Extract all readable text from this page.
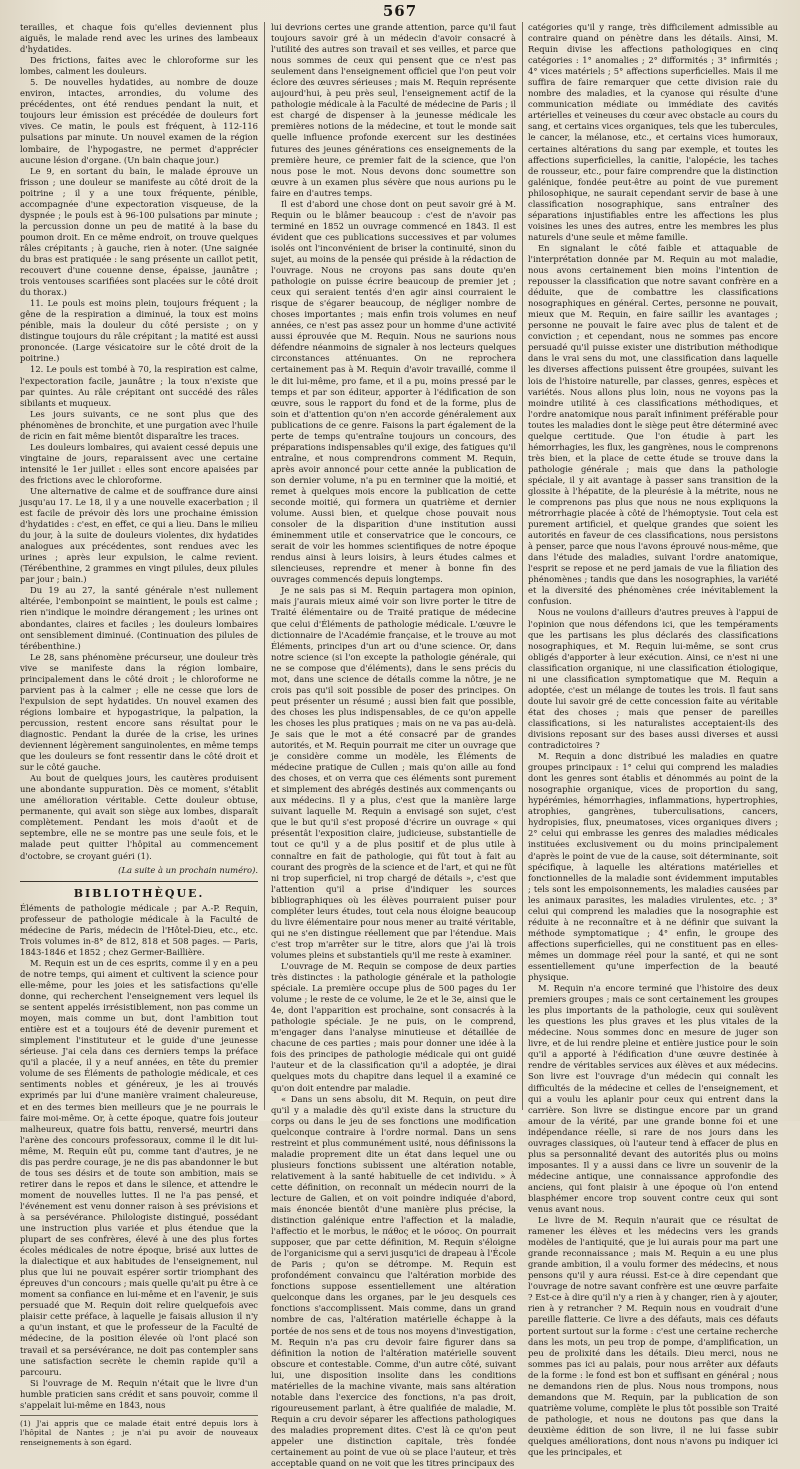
567

terailles, et chaque fois qu'elles deviennent plus aiguës, le malade rend avec les urines des lambeaux d'hydatides.

Des frictions, faites avec le chloroforme sur les lombes, calment les douleurs.

5. De nouvelles hydatides, au nombre de douze environ, intactes, arrondies, du volume des précédentes, ont été rendues pendant la nuit, et toujours leur émission est précédée de douleurs fort vives. Ce matin, le pouls est fréquent, à 112-116 pulsations par minute. Un nouvel examen de la région lombaire, de l'hypogastre, ne permet d'apprécier aucune lésion d'organe. (Un bain chaque jour.)

Le 9, en sortant du bain, le malade éprouve un frisson ; une douleur se manifeste au côté droit de la poitrine ; il y a une toux fréquente, pénible, accompagnée d'une expectoration visqueuse, de la dyspnée ; le pouls est à 96-100 pulsations par minute ; la percussion donne un peu de matité à la base du poumon droit. En ce même endroit, on trouve quelques râles crépitants ; à gauche, rien à noter. (Une saignée du bras est pratiquée : le sang présente un caillot petit, recouvert d'une couenne dense, épaisse, jaunâtre ; trois ventouses scarifiées sont placées sur le côté droit du thorax.)

11. Le pouls est moins plein, toujours fréquent ; la gêne de la respiration a diminué, la toux est moins pénible, mais la douleur du côté persiste ; on y distingue toujours du râle crépitant ; la matité est aussi prononcée. (Large vésicatoire sur le côté droit de la poitrine.)

12. Le pouls est tombé à 70, la respiration est calme, l'expectoration facile, jaunâtre ; la toux n'existe que par quintes. Au râle crépitant ont succédé des râles sibilants et muqueux.

Les jours suivants, ce ne sont plus que des phénomènes de bronchite, et une purgation avec l'huile de ricin en fait même bientôt disparaître les traces.

Les douleurs lombaires, qui avaient cessé depuis une vingtaine de jours, reparaissent avec une certaine intensité le 1er juillet : elles sont encore apaisées par des frictions avec le chloroforme.

Une alternative de calme et de souffrance dure ainsi jusqu'au 17. Le 18, il y a une nouvelle exacerbation ; il est facile de prévoir dès lors une prochaine émission d'hydatides : c'est, en effet, ce qui a lieu. Dans le milieu du jour, à la suite de douleurs violentes, dix hydatides analogues aux précédentes, sont rendues avec les urines ; après leur expulsion, le calme revient. (Térébenthine, 2 grammes en vingt pilules, deux pilules par jour ; bain.)

Du 19 au 27, la santé générale n'est nullement altérée, l'embonpoint se maintient, le pouls est calme ; rien n'indique le moindre dérangement ; les urines ont abondantes, claires et faciles ; les douleurs lombaires ont sensiblement diminué. (Continuation des pilules de térébenthine.)

Le 28, sans phénomène précurseur, une douleur très vive se manifeste dans la région lombaire, principalement dans le côté droit ; le chloroforme ne parvient pas à la calmer ; elle ne cesse que lors de l'expulsion de sept hydatides. Un nouvel examen des régions lombaire et hypogastrique, la palpation, la percussion, restent encore sans résultat pour le diagnostic. Pendant la durée de la crise, les urines deviennent légèrement sanguinolentes, en même temps que les douleurs se font ressentir dans le côté droit et sur le côté gauche.

Au bout de quelques jours, les cautères produisent une abondante suppuration. Dès ce moment, s'établit une amélioration véritable. Cette douleur obtuse, permanente, qui avait son siège aux lombes, disparaît complètement. Pendant les mois d'août et de septembre, elle ne se montre pas une seule fois, et le malade peut quitter l'hôpital au commencement d'octobre, se croyant guéri (1).

(La suite à un prochain numéro).

BIBLIOTHÈQUE.

Éléments de pathologie médicale ; par A.-P. Requin, professeur de pathologie médicale à la Faculté de médecine de Paris, médecin de l'Hôtel-Dieu, etc., etc. Trois volumes in-8° de 812, 818 et 508 pages. — Paris, 1843-1846 et 1852 ; chez Germer-Baillière.

M. Requin est un de ces esprits, comme il y en a peu de notre temps, qui aiment et cultivent la science pour elle-même, pour les joies et les satisfactions qu'elle donne, qui recherchent l'enseignement vers lequel ils se sentent appelés irrésistiblement, non pas comme un moyen, mais comme un but, dont l'ambition tout entière est et a toujours été de devenir purement et simplement l'instituteur et le guide d'une jeunesse sérieuse. J'ai cela dans ces derniers temps la préface qu'il a placée, il y a neuf années, en tête du premier volume de ses Éléments de pathologie médicale, et ces sentiments nobles et généreux, je les ai trouvés exprimés par lui d'une manière vraiment chaleureuse, et en des termes bien meilleurs que je ne pourrais le faire moi-même. Or, à cette époque, quatre fois jouteur malheureux, quatre fois battu, renversé, meurtri dans l'arène des concours professoraux, comme il le dit lui-même, M. Requin eût pu, comme tant d'autres, je ne dis pas perdre courage, je ne dis pas abandonner le but de tous ses désirs et de toute son ambition, mais se retirer dans le repos et dans le silence, et attendre le moment de nouvelles luttes. Il ne l'a pas pensé, et l'événement est venu donner raison à ses prévisions et à sa persévérance. Philologiste distingué, possédant une instruction plus variée et plus étendue que la plupart de ses confrères, élevé à une des plus fortes écoles médicales de notre époque, brisé aux luttes de la dialectique et aux habitudes de l'enseignement, nul plus que lui ne pouvait espérer sortir triomphant des épreuves d'un concours ; mais quelle qu'ait pu être à ce moment sa confiance en lui-même et en l'avenir, je suis persuadé que M. Requin doit relire quelquefois avec plaisir cette préface, à laquelle je faisais allusion il n'y a qu'un instant, et que le professeur de la Faculté de médecine, de la position élevée où l'ont placé son travail et sa persévérance, ne doit pas contempler sans une satisfaction secrète le chemin rapide qu'il a parcouru.

Si l'ouvrage de M. Requin n'était que le livre d'un humble praticien sans crédit et sans pouvoir, comme il s'appelait lui-même en 1843, nous

(1) J'ai appris que ce malade était entré depuis lors à l'hôpital de Nantes ; je n'ai pu avoir de nouveaux renseignements à son égard.

lui devrions certes une grande attention, parce qu'il faut toujours savoir gré à un médecin d'avoir consacré à l'utilité des autres son travail et ses veilles, et parce que nous sommes de ceux qui pensent que ce n'est pas seulement dans l'enseignement officiel que l'on peut voir éclore des œuvres sérieuses ; mais M. Requin représente aujourd'hui, à peu près seul, l'enseignement actif de la pathologie médicale à la Faculté de médecine de Paris ; il est chargé de dispenser à la jeunesse médicale les premières notions de la médecine, et tout le monde sait quelle influence profonde exercent sur les destinées futures des jeunes générations ces enseignements de la première heure, ce premier fait de la science, que l'on nous pose le mot. Nous devons donc soumettre son œuvre à un examen plus sévère que nous aurions pu le faire en d'autres temps.

Il est d'abord une chose dont on peut savoir gré à M. Requin ou le blâmer beaucoup : c'est de n'avoir pas terminé en 1852 un ouvrage commencé en 1843. Il est évident que ces publications successives et par volumes isolés ont l'inconvénient de briser la continuité, sinon du sujet, au moins de la pensée qui préside à la rédaction de l'ouvrage. Nous ne croyons pas sans doute qu'en pathologie on puisse écrire beaucoup de premier jet ; ceux qui seraient tentés d'en agir ainsi courraient le risque de s'égarer beaucoup, de négliger nombre de choses importantes ; mais enfin trois volumes en neuf années, ce n'est pas assez pour un homme d'une activité aussi éprouvée que M. Requin. Nous ne saurions nous défendre néanmoins de signaler à nos lecteurs quelques circonstances atténuantes. On ne reprochera certainement pas à M. Requin d'avoir travaillé, comme il le dit lui-même, pro fame, et il a pu, moins pressé par le temps et par son éditeur, apporter à l'édification de son œuvre, sous le rapport du fond et de la forme, plus de soin et d'attention qu'on n'en accorde généralement aux publications de ce genre. Faisons la part également de la perte de temps qu'entraîne toujours un concours, des préparations indispensables qu'il exige, des fatigues qu'il entraîne, et nous comprendrons comment M. Requin, après avoir annoncé pour cette année la publication de son dernier volume, n'a pu en terminer que la moitié, et remet à quelques mois encore la publication de cette seconde moitié, qui formera un quatrième et dernier volume. Aussi bien, et quelque chose pouvait nous consoler de la disparition d'une institution aussi éminemment utile et conservatrice que le concours, ce serait de voir les hommes scientifiques de notre époque rendus ainsi à leurs loisirs, à leurs études calmes et silencieuses, reprendre et mener à bonne fin des ouvrages commencés depuis longtemps.

Je ne sais pas si M. Requin partagera mon opinion, mais j'aurais mieux aimé voir son livre porter le titre de Traité élémentaire ou de Traité pratique de médecine que celui d'Éléments de pathologie médicale. L'œuvre le dictionnaire de l'Académie française, et le trouve au mot Éléments, principes d'un art ou d'une science. Or, dans notre science (si l'on excepte la pathologie générale, qui ne se compose que d'éléments), dans le sens précis du mot, dans une science de détails comme la nôtre, je ne crois pas qu'il soit possible de poser des principes. On peut présenter un résumé ; aussi bien fait que possible, des choses les plus indispensables, de ce qu'on appelle les choses les plus pratiques ; mais on ne va pas au-delà. Je sais que le mot a été consacré par de grandes autorités, et M. Requin pourrait me citer un ouvrage que je considère comme un modèle, les Éléments de médecine pratique de Cullen ; mais qu'on aille au fond des choses, et on verra que ces éléments sont purement et simplement des abrégés destinés aux commençants ou aux médecins. Il y a plus, c'est que la manière large suivant laquelle M. Requin a envisagé son sujet, c'est que le but qu'il s'est proposé d'écrire un ouvrage « qui présentât l'exposition claire, judicieuse, substantielle de tout ce qu'il y a de plus positif et de plus utile à connaître en fait de pathologie, qui fût tout à fait au courant des progrès de la science et de l'art, et qui ne fût ni trop superficiel, ni trop chargé de détails », c'est que l'attention qu'il a prise d'indiquer les sources bibliographiques où les élèves pourraient puiser pour compléter leurs études, tout cela nous éloigne beaucoup du livre élémentaire pour nous mener au traité véritable, qui ne s'en distingue réellement que par l'étendue. Mais c'est trop m'arrêter sur le titre, alors que j'ai là trois volumes pleins et substantiels qu'il me reste à examiner.

L'ouvrage de M. Requin se compose de deux parties très distinctes : la pathologie générale et la pathologie spéciale. La première occupe plus de 500 pages du 1er volume ; le reste de ce volume, le 2e et le 3e, ainsi que le 4e, dont l'apparition est prochaine, sont consacrés à la pathologie spéciale. Je ne puis, on le comprend, m'engager dans l'analyse minutieuse et détaillée de chacune de ces parties ; mais pour donner une idée à la fois des principes de pathologie médicale qui ont guidé l'auteur et de la classification qu'il a adoptée, je dirai quelques mots du chapitre dans lequel il a examiné ce qu'on doit entendre par maladie.

« Dans un sens absolu, dit M. Requin, on peut dire qu'il y a maladie dès qu'il existe dans la structure du corps ou dans le jeu de ses fonctions une modification quelconque contraire à l'ordre normal. Dans un sens restreint et plus communément usité, nous définissons la maladie proprement dite un état dans lequel une ou plusieurs fonctions subissent une altération notable, relativement à la santé habituelle de cet individu. » À cette définition, on reconnaît un médecin nourri de la lecture de Galien, et on voit poindre indiquée d'abord, mais énoncée bientôt d'une manière plus précise, la distinction galénique entre l'affection et la maladie, l'affectio et le morbus, le πάθος et le νόσος. On pourrait supposer, que par cette définition, M. Requin s'éloigne de l'organicisme qui a servi jusqu'ici de drapeau à l'École de Paris ; qu'on se détrompe. M. Requin est profondément convaincu que l'altération morbide des fonctions suppose essentiellement une altération quelconque dans les organes, par le jeu desquels ces fonctions s'accomplissent. Mais comme, dans un grand nombre de cas, l'altération matérielle échappe à la portée de nos sens et de tous nos moyens d'investigation, M. Requin n'a pas cru devoir faire figurer dans sa définition la notion de l'altération matérielle souvent obscure et contestable. Comme, d'un autre côté, suivant lui, une disposition insolite dans les conditions matérielles de la machine vivante, mais sans altération notable dans l'exercice des fonctions, n'a pas droit, rigoureusement parlant, à être qualifiée de maladie, M. Requin a cru devoir séparer les affections pathologiques des maladies proprement dites. C'est là ce qu'on peut appeler une distinction capitale, très fondée certainement au point de vue où se place l'auteur, et très acceptable quand on ne voit que les titres principaux des

catégories qu'il y range, très difficilement admissible au contraire quand on pénètre dans les détails. Ainsi, M. Requin divise les affections pathologiques en cinq catégories : 1° anomalies ; 2° difformités ; 3° infirmités ; 4° vices matériels ; 5° affections superficielles. Mais il me suffira de faire remarquer que cette division raie du nombre des maladies, et la cyanose qui résulte d'une communication médiate ou immédiate des cavités artérielles et veineuses du cœur avec obstacle au cours du sang, et certains vices organiques, tels que les tubercules, le cancer, la mélanose, etc., et certains vices humoraux, certaines altérations du sang par exemple, et toutes les affections superficielles, la canitie, l'alopécie, les taches de rousseur, etc., pour faire comprendre que la distinction galénique, fondée peut-être au point de vue purement philosophique, ne saurait cependant servir de base à une classification nosographique, sans entraîner des séparations injustifiables entre les affections les plus voisines les unes des autres, entre les membres les plus naturels d'une seule et même famille.

En signalant le côté faible et attaquable de l'interprétation donnée par M. Requin au mot maladie, nous avons certainement bien moins l'intention de repousser la classification que notre savant confrère en a déduite, que de combattre les classifications nosographiques en général. Certes, personne ne pouvait, mieux que M. Requin, en faire saillir les avantages ; personne ne pouvait le faire avec plus de talent et de conviction ; et cependant, nous ne sommes pas encore persuadé qu'il puisse exister une distribution méthodique dans le vrai sens du mot, une classification dans laquelle les diverses affections puissent être groupées, suivant les lois de l'histoire naturelle, par classes, genres, espèces et variétés. Nous allons plus loin, nous ne voyons pas la moindre utilité à ces classifications méthodiques, et l'ordre anatomique nous paraît infiniment préférable pour toutes les maladies dont le siège peut être déterminé avec quelque certitude. Que l'on étudie à part les hémorrhagies, les flux, les gangrènes, nous le comprenons très bien, et la place de cette étude se trouve dans la pathologie générale ; mais que dans la pathologie spéciale, il y ait avantage à passer sans transition de la glossite à l'hépatite, de la pleurésie à la métrite, nous ne le comprenons pas plus que nous ne nous expliquons la métrorrhagie placée à côté de l'hémoptysie. Tout cela est purement artificiel, et quelque grandes que soient les autorités en faveur de ces classifications, nous persistons à penser, parce que nous l'avons éprouvé nous-même, que dans l'étude des maladies, suivant l'ordre anatomique, l'esprit se repose et ne perd jamais de vue la filiation des phénomènes ; tandis que dans les nosographies, la variété et la diversité des phénomènes crée inévitablement la confusion.

Nous ne voulons d'ailleurs d'autres preuves à l'appui de l'opinion que nous défendons ici, que les tempéraments que les partisans les plus déclarés des classifications nosographiques, et M. Requin lui-même, se sont crus obligés d'apporter à leur exécution. Ainsi, ce n'est ni une classification organique, ni une classification étiologique, ni une classification symptomatique que M. Requin a adoptée, c'est un mélange de toutes les trois. Il faut sans doute lui savoir gré de cette concession faite au véritable état des choses ; mais que penser de pareilles classifications, si les naturalistes acceptaient-ils des divisions reposant sur des bases aussi diverses et aussi contradictoires ?

M. Requin a donc distribué les maladies en quatre groupes principaux : 1° celui qui comprend les maladies dont les genres sont établis et dénommés au point de la nosographie organique, vices de proportion du sang, hypérémies, hémorrhagies, inflammations, hypertrophies, atrophies, gangrènes, tuberculisations, cancers, hydropisies, flux, pneumatoses, vices organiques divers ; 2° celui qui embrasse les genres des maladies médicales instituées exclusivement ou du moins principalement d'après le point de vue de la cause, soit déterminante, soit spécifique, à laquelle les altérations matérielles et fonctionnelles de la maladie sont évidemment imputables ; tels sont les empoisonnements, les maladies causées par les animaux parasites, les maladies virulentes, etc. ; 3° celui qui comprend les maladies que la nosographie est réduite à ne reconnaître et à ne définir que suivant la méthode symptomatique ; 4° enfin, le groupe des affections superficielles, qui ne constituent pas en elles-mêmes un dommage réel pour la santé, et qui ne sont essentiellement qu'une imperfection de la beauté physique.

M. Requin n'a encore terminé que l'histoire des deux premiers groupes ; mais ce sont certainement les groupes les plus importants de la pathologie, ceux qui soulèvent les questions les plus graves et les plus vitales de la médecine. Nous sommes donc en mesure de juger son livre, et de lui rendre pleine et entière justice pour le soin qu'il a apporté à l'édification d'une œuvre destinée à rendre de véritables services aux élèves et aux médecins. Son livre est l'ouvrage d'un médecin qui connaît les difficultés de la médecine et celles de l'enseignement, et qui a voulu les aplanir pour ceux qui entrent dans la carrière. Son livre se distingue encore par un grand amour de la vérité, par une grande bonne foi et une indépendance réelle, si rare de nos jours dans les ouvrages classiques, où l'auteur tend à effacer de plus en plus sa personnalité devant des autorités plus ou moins imposantes. Il y a aussi dans ce livre un souvenir de la médecine antique, une connaissance approfondie des anciens, qui font plaisir à une époque où l'on entend blasphémer encore trop souvent contre ceux qui sont venus avant nous.

Le livre de M. Requin n'aurait que ce résultat de ramener les élèves et les médecins vers les grands modèles de l'antiquité, que je lui aurais pour ma part une grande reconnaissance ; mais M. Requin a eu une plus grande ambition, il a voulu former des médecins, et nous pensons qu'il y aura réussi. Est-ce à dire cependant que l'ouvrage de notre savant confrère est une œuvre parfaite ? Est-ce à dire qu'il n'y a rien à y changer, rien à y ajouter, rien à y retrancher ? M. Requin nous en voudrait d'une pareille flatterie. Ce livre a des défauts, mais ces défauts portent surtout sur la forme : c'est une certaine recherche dans les mots, un peu trop de pompe, d'amplification, un peu de prolixité dans les détails. Dieu merci, nous ne sommes pas ici au palais, pour nous arrêter aux défauts de la forme : le fond est bon et suffisant en général ; nous ne demandons rien de plus. Nous nous trompons, nous demandons que M. Requin, par la publication de son quatrième volume, complète le plus tôt possible son Traité de pathologie, et nous ne doutons pas que dans la deuxième édition de son livre, il ne lui fasse subir quelques améliorations, dont nous n'avons pu indiquer ici que les principales, et
